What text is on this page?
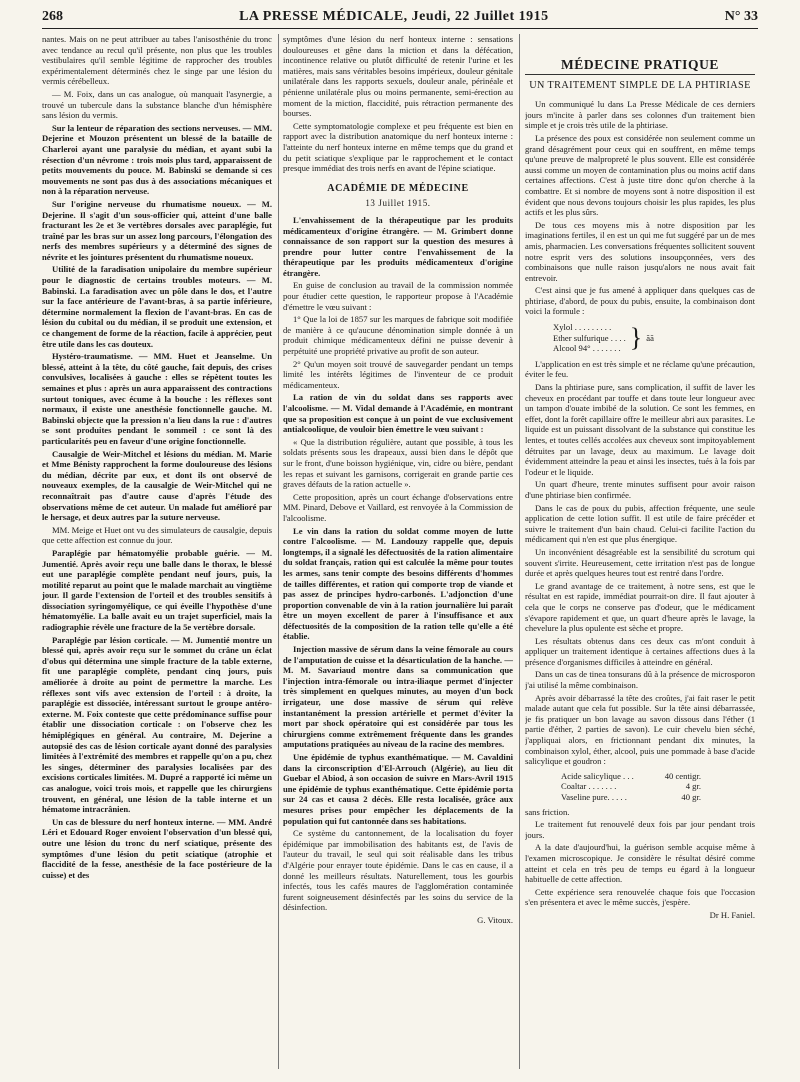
268	LA PRESSE MÉDICALE, Jeudi, 22 Juillet 1915	N° 33

nantes. Mais on ne peut attribuer au tabes l'anisosthénie du tronc avec tendance au recul qu'il présente, non plus que les troubles vestibulaires qu'il semble légitime de rapprocher des troubles expérimentalement déterminés chez le singe par une lésion du vermis cérébelleux.

— M. Foix, dans un cas analogue, où manquait l'asynergie, a trouvé un tubercule dans la substance blanche d'un hémisphère sans lésion du vermis.

Sur la lenteur de réparation des sections nerveuses. — MM. Dejerine et Mouzon présentent un blessé de la bataille de Charleroi ayant une paralysie du médian, et ayant subi la résection d'un névrome : trois mois plus tard, apparaissent de petits mouvements du pouce. M. Babinski se demande si ces mouvements ne sont pas dus à des associations mécaniques et non à la réparation nerveuse.

Sur l'origine nerveuse du rhumatisme noueux. — M. Dejerine. Il s'agit d'un sous-officier qui, atteint d'une balle fracturant les 2e et 3e vertèbres dorsales avec paraplégie, fut traîné par les bras sur un assez long parcours, l'élongation des nerfs des membres supérieurs y a déterminé des signes de névrite et les jointures présentent du rhumatisme noueux.

Utilité de la faradisation unipolaire du membre supérieur pour le diagnostic de certains troubles moteurs. — M. Babinski. La faradisation avec un pôle dans le dos, et l'autre sur la face antérieure de l'avant-bras, à sa partie inférieure, détermine normalement la flexion de l'avant-bras. En cas de lésion du cubital ou du médian, il se produit une extension, et ce changement de forme de la réaction, facile à apprécier, peut être utile dans les cas douteux.

Hystéro-traumatisme. — MM. Huet et Jeanselme. Un blessé, atteint à la tête, du côté gauche, fait depuis, des crises convulsives, localisées à gauche : elles se répètent toutes les semaines et plus : après un aura apparaissent des contractions surtout toniques, avec écume à la bouche : les réflexes sont normaux, il existe une anesthésie fonctionnelle gauche. M. Babinski objecte que la pression n'a lieu dans la rue : d'autres se sont produites pendant le sommeil : ce sont là des particularités peu en faveur d'une origine fonctionnelle.

Causalgie de Weir-Mitchel et lésions du médian. M. Marie et Mme Bénisty rapprochent la forme douloureuse des lésions du médian, décrite par eux, et dont ils ont observé de nouveaux exemples, de la causalgie de Weir-Mitchel qui ne reconnaîtrait pas d'autre cause d'après l'étude des observations même de cet auteur. Un malade fut amélioré par le hersage, et deux autres par la suture nerveuse.

MM. Meige et Huet ont vu des simulateurs de causalgie, depuis que cette affection est connue du jour.

Paraplégie par hématomyélie probable guérie. — M. Jumentié. Après avoir reçu une balle dans le thorax, le blessé eut une paraplégie complète pendant neuf jours, puis, la motilité reparut au point que le malade marchait au vingtième jour. Il garde l'extension de l'orteil et des troubles sensitifs à dissociation syringomyélique, ce qui éveille l'hypothèse d'une hématomyélie. La balle avait eu un trajet superficiel, mais la radiographie révèle une fracture de la 5e vertèbre dorsale.

Paraplégie par lésion corticale. — M. Jumentié montre un blessé qui, après avoir reçu sur le sommet du crâne un éclat d'obus qui détermina une simple fracture de la table externe, fit une paraplégie complète, pendant cinq jours, puis améliorée à droite au point de permettre la marche. Les réflexes sont vifs avec extension de l'orteil : à droite, la paraplégie est dissociée, intéressant surtout le groupe antéro-externe. M. Foix conteste que cette prédominance suffise pour établir une dissociation corticale : on l'observe chez les hémiplégiques en général. Au contraire, M. Dejerine a autopsié des cas de lésion corticale ayant donné des paralysies limitées à l'extrémité des membres et rappelle qu'on a pu, chez les singes, déterminer des paralysies localisées par des excisions corticales limitées. M. Dupré a rapporté ici même un cas analogue, voici trois mois, et rappelle que les chirurgiens trouvent, en général, une lésion de la table interne et un hématome intracrânien.

Un cas de blessure du nerf honteux interne. — MM. André Léri et Edouard Roger envoient l'observation d'un blessé qui, outre une lésion du tronc du nerf sciatique, présente des symptômes d'une lésion du petit sciatique (atrophie et flaccidité de la fesse, anesthésie de la face postérieure de la cuisse) et des

symptômes d'une lésion du nerf honteux interne : sensations douloureuses et gêne dans la miction et dans la défécation, incontinence relative ou plutôt difficulté de retenir l'urine et les matières, mais sans véritables besoins impérieux, douleur génitale unilatérale dans les rapports sexuels, douleur anale, périnéale et pénienne unilatérale plus ou moins permanente, semi-érection au moment de la miction, flaccidité, puis rétraction permanente des bourses.

Cette symptomatologie complexe et peu fréquente est bien en rapport avec la distribution anatomique du nerf honteux interne : l'atteinte du nerf honteux interne en même temps que du grand et du petit sciatique s'explique par le rapprochement et le contact presque immédiat des trois nerfs en avant de l'épine sciatique.

ACADÉMIE DE MÉDECINE
13 Juillet 1915.

L'envahissement de la thérapeutique par les produits médicamenteux d'origine étrangère. — M. Grimbert donne connaissance de son rapport sur la question des mesures à prendre pour lutter contre l'envahissement de la thérapeutique par les produits médicamenteux d'origine étrangère.

En guise de conclusion au travail de la commission nommée pour étudier cette question, le rapporteur propose à l'Académie d'émettre le vœu suivant :

1° Que la loi de 1857 sur les marques de fabrique soit modifiée de manière à ce qu'aucune dénomination simple donnée à un produit chimique médicamenteux défini ne puisse devenir à perpétuité une propriété privative au profit de son auteur.

2° Qu'un moyen soit trouvé de sauvegarder pendant un temps limité les intérêts légitimes de l'inventeur de ce produit médicamenteux.

La ration de vin du soldat dans ses rapports avec l'alcoolisme. — M. Vidal demande à l'Académie, en montrant que sa proposition est conçue à un point de vue exclusivement antialcoolique, de vouloir bien émettre le vœu suivant :

« Que la distribution régulière, autant que possible, à tous les soldats présents sous les drapeaux, aussi bien dans le dépôt que sur le front, d'une boisson hygiénique, vin, cidre ou bière, pendant les repas et suivant les garnisons, corrigerait en grande partie ces graves défauts de la ration actuelle ».

Cette proposition, après un court échange d'observations entre MM. Pinard, Debove et Vaillard, est renvoyée à la Commission de l'alcoolisme.

Le vin dans la ration du soldat comme moyen de lutte contre l'alcoolisme. — M. Landouzy rappelle que, depuis longtemps, il a signalé les défectuosités de la ration alimentaire du soldat français, ration qui est calculée la même pour toutes les armes, sans tenir compte des besoins différents d'hommes de tailles différentes, et ration qui comporte trop de viande et pas assez de principes hydro-carbonés. L'adjonction d'une proportion convenable de vin à la ration journalière lui paraît être un moyen excellent de parer à l'insuffisance et aux défectuosités de la composition de la ration telle qu'elle a été établie.

Injection massive de sérum dans la veine fémorale au cours de l'amputation de cuisse et la désarticulation de la hanche. — M. M. Savariaud montre dans sa communication que l'injection intra-fémorale ou intra-iliaque permet d'injecter très simplement en quelques minutes, au moyen d'un bock irrigateur, une dose massive de sérum qui relève instantanément la pression artérielle et permet d'éviter la mort par shock opératoire qui est considérée par tous les chirurgiens comme extrêmement fréquente dans les grandes amputations pratiquées au niveau de la racine des membres.

Une épidémie de typhus exanthématique. — M. Cavaldini dans la circonscription d'El-Arrouch (Algérie), au lieu dit Guebar el Abiod, à son occasion de suivre en Mars-Avril 1915 une épidémie de typhus exanthématique. Cette épidémie porta sur 24 cas et causa 2 décès. Elle resta localisée, grâce aux mesures prises pour empêcher les déplacements de la population qui fut cantonnée dans ses habitations.

Ce système du cantonnement, de la localisation du foyer épidémique par immobilisation des habitants est, de l'avis de l'auteur du travail, le seul qui soit réalisable dans les tribus d'Algérie pour enrayer toute épidémie. Dans le cas en cause, il a donné les meilleurs résultats. Naturellement, tous les gourbis infectés, tous les cafés maures de l'agglomération contaminée furent soigneusement désinfectés par les soins du service de la désinfection.

G. Vitoux.

MÉDECINE PRATIQUE
UN TRAITEMENT SIMPLE DE LA PHTIRIASE

Un communiqué lu dans La Presse Médicale de ces derniers jours m'incite à parler dans ses colonnes d'un traitement bien simple et je crois très utile de la phtiriase.

La présence des poux est considérée non seulement comme un grand désagrément pour ceux qui en souffrent, en même temps qu'une preuve de malpropreté le plus souvent. Elle est considérée aussi comme un moyen de contamination plus ou moins actif dans certaines affections. C'est à juste titre donc qu'on cherche à la combattre. Et si nombre de moyens sont à notre disposition il est évident que nous devons toujours choisir les plus rapides, les plus actifs et les plus sûrs.

De tous ces moyens mis à notre disposition par les imaginations fertiles, il en est un qui me fut suggéré par un de mes amis, pharmacien. Les conversations fréquentes sollicitent souvent notre esprit vers des solutions insoupçonnées, vers des combinaisons que nulle raison jusqu'alors ne nous avait fait entrevoir.

C'est ainsi que je fus amené à appliquer dans quelques cas de phtiriase, d'abord, de poux du pubis, ensuite, la combinaison dont voici la formule :

Xylol . . . . . . . . .
Ether sulfurique . . . .
Alcool 94° . . . . . . . } ãã

L'application en est très simple et ne réclame qu'une précaution, éviter le feu.

Dans la phtiriase pure, sans complication, il suffit de laver les cheveux en procédant par touffe et dans toute leur longueur avec un tampon d'ouate imbibé de la solution. Ce sont les femmes, en effet, dont la forêt capillaire offre le meilleur abri aux parasites. Le liquide est un puissant dissolvant de la substance qui constitue les lentes, et toutes cellés accolées aux cheveux sont impitoyablement détruites par un lavage, deux au maximum. Le lavage doit évidemment atteindre la peau et ainsi les insectes, tués à la fois par l'odeur et le liquide.

Un quart d'heure, trente minutes suffisent pour avoir raison d'une phtiriase bien confirmée.

Dans le cas de poux du pubis, affection fréquente, une seule application de cette lotion suffit. Il est utile de faire précéder et suivre le traitement d'un bain chaud. Celui-ci facilite l'action du médicament qui n'en est que plus énergique.

Un inconvénient désagréable est la sensibilité du scrotum qui souvent s'irrite. Heureusement, cette irritation n'est pas de longue durée et après quelques heures tout est rentré dans l'ordre.

Le grand avantage de ce traitement, à notre sens, est que le résultat en est rapide, immédiat pourrait-on dire. Il faut ajouter à cela que le corps ne conserve pas d'odeur, que le médicament s'évapore rapidement et que, un quart d'heure après le lavage, la chevelure la plus opulente est sèche et propre.

Les résultats obtenus dans ces deux cas m'ont conduit à appliquer un traitement identique à certaines affections dues à la présence d'organismes difficiles à atteindre en général.

Dans un cas de tinea tonsurans dû à la présence de microsporon j'ai utilisé la même combinaison.

Après avoir débarrassé la tête des croûtes, j'ai fait raser le petit malade autant que cela fut possible. Sur la tête ainsi débarrassée, je fis pratiquer un bon lavage au savon dissous dans l'éther (1 partie d'éther, 2 parties de savon). Le cuir chevelu bien séché, j'appliquai alors, en frictionnant pendant dix minutes, la combinaison xylol, éther, alcool, puis une pommade à base d'acide salicylique et goudron :

Acide salicylique . . .	40 centigr.
Coaltar . . . . . . .	4 gr.
Vaseline pure. . . . .	40 gr.

sans friction.

Le traitement fut renouvelé deux fois par jour pendant trois jours.

A la date d'aujourd'hui, la guérison semble acquise même à l'examen microscopique. Je considère le résultat désiré comme atteint et cela en très peu de temps eu égard à la longueur habituelle de cette affection.

Cette expérience sera renouvelée chaque fois que l'occasion s'en présentera et avec le même succès, j'espère.

Dr H. Faniel.
